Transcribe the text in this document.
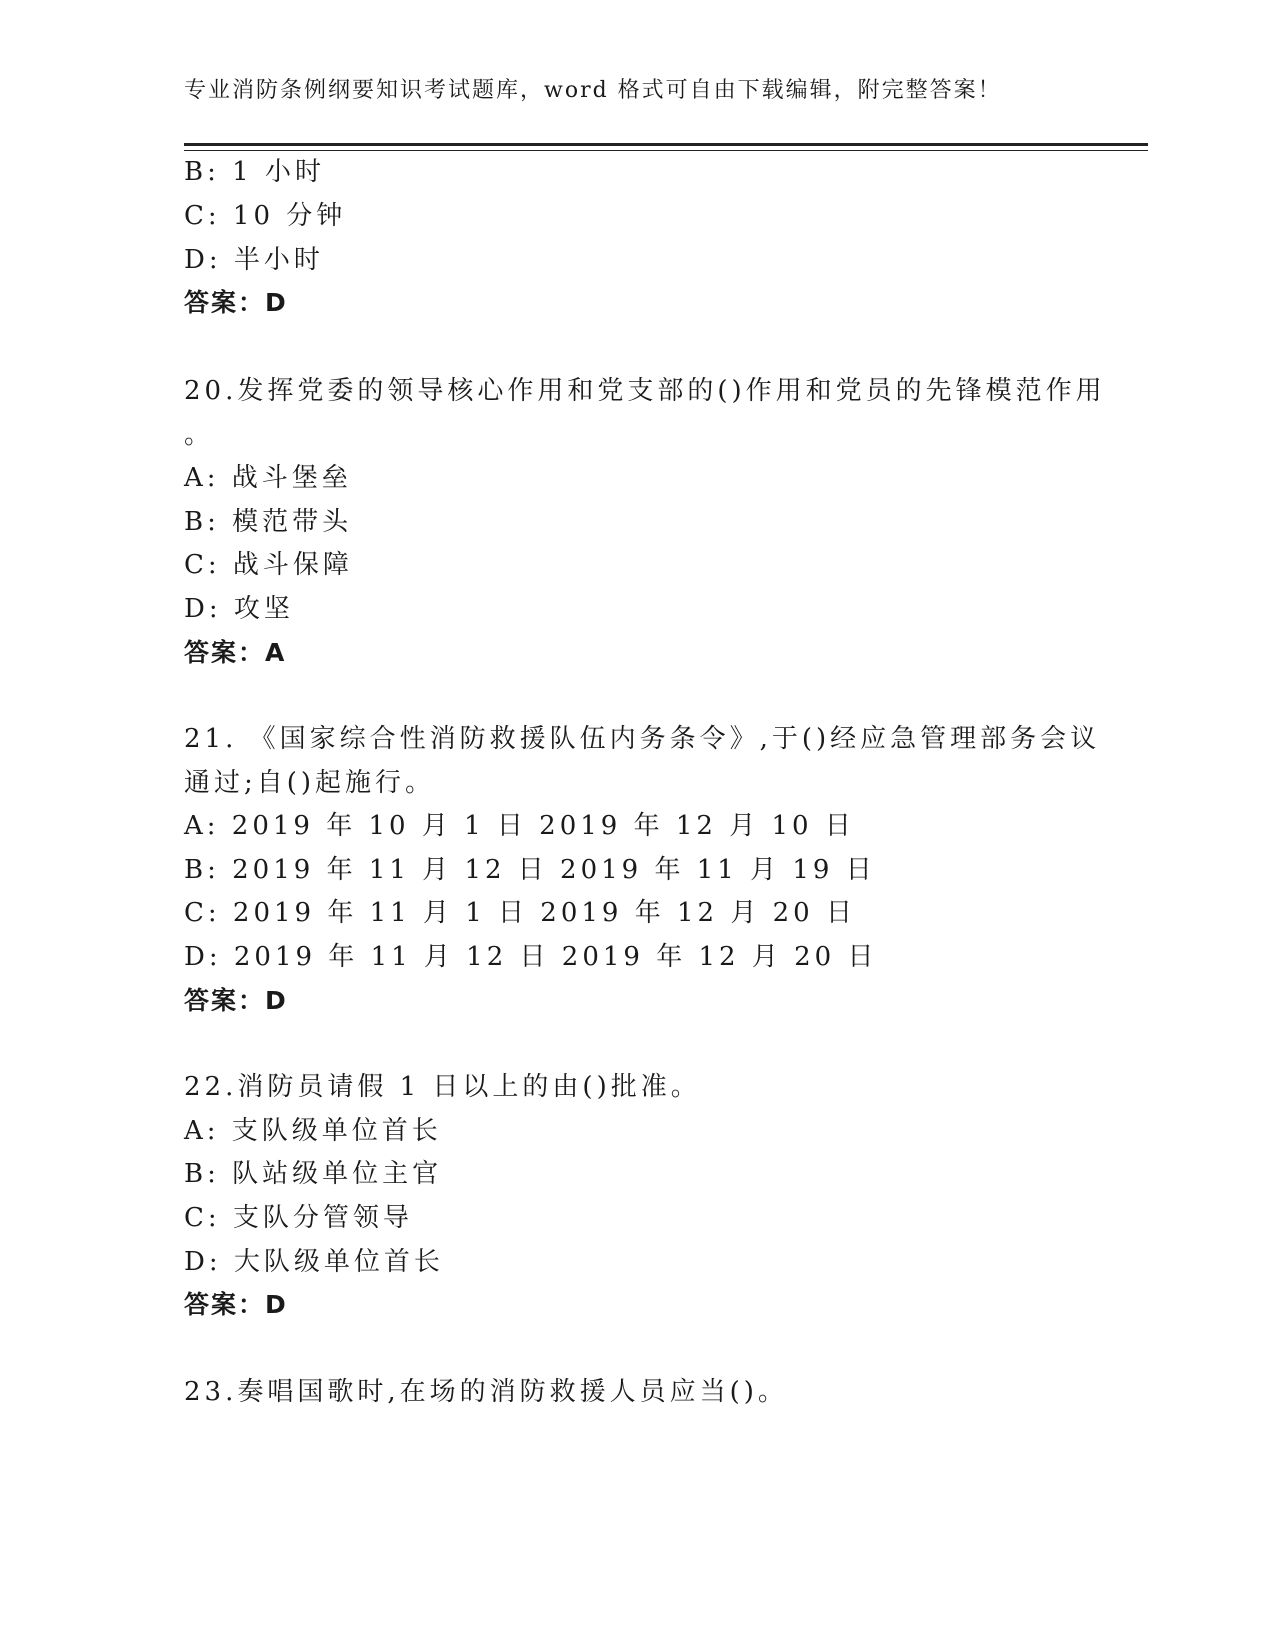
专业消防条例纲要知识考试题库，word 格式可自由下载编辑，附完整答案！
B: 1 小时
C: 10 分钟
D: 半小时
答案：D
20.发挥党委的领导核心作用和党支部的()作用和党员的先锋模范作用
。
A: 战斗堡垒
B: 模范带头
C: 战斗保障
D: 攻坚
答案：A
21. 《国家综合性消防救援队伍内务条令》,于()经应急管理部务会议
通过;自()起施行。
A: 2019 年 10 月 1 日 2019 年 12 月 10 日
B: 2019 年 11 月 12 日 2019 年 11 月 19 日
C: 2019 年 11 月 1 日 2019 年 12 月 20 日
D: 2019 年 11 月 12 日 2019 年 12 月 20 日
答案：D
22.消防员请假 1 日以上的由()批准。
A: 支队级单位首长
B: 队站级单位主官
C: 支队分管领导
D: 大队级单位首长
答案：D
23.奏唱国歌时,在场的消防救援人员应当()。
